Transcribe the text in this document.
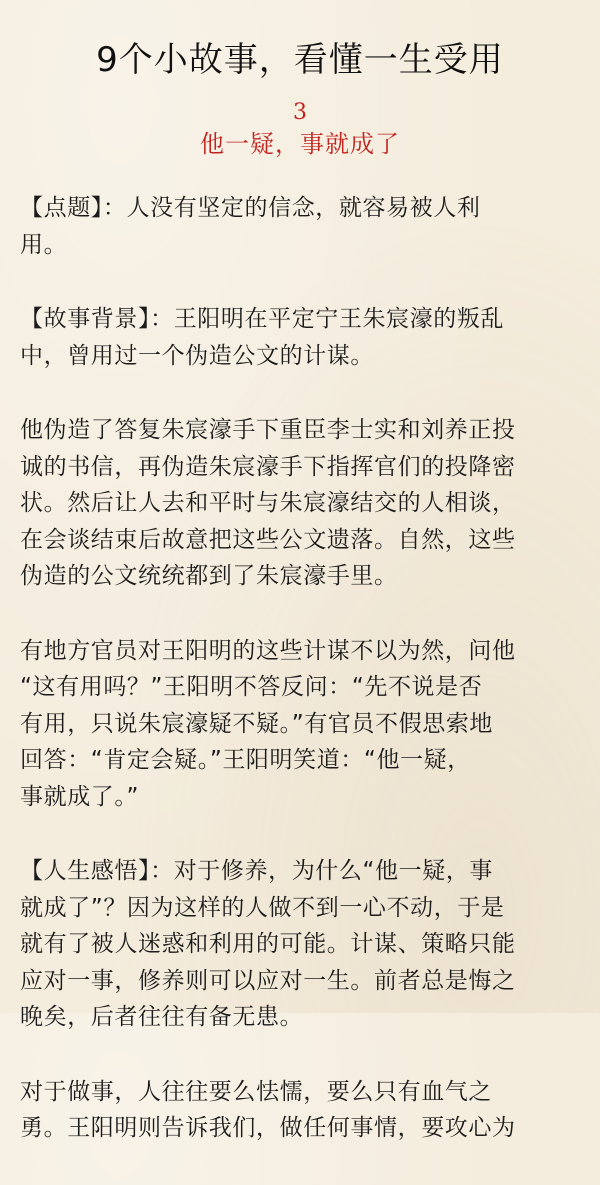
9个小故事，看懂一生受用
3
他一疑，事就成了

【点题】：人没有坚定的信念，就容易被人利
用。

【故事背景】：王阳明在平定宁王朱宸濠的叛乱
中，曾用过一个伪造公文的计谋。

他伪造了答复朱宸濠手下重臣李士实和刘养正投
诚的书信，再伪造朱宸濠手下指挥官们的投降密
状。然后让人去和平时与朱宸濠结交的人相谈，
在会谈结束后故意把这些公文遗落。自然，这些
伪造的公文统统都到了朱宸濠手里。

有地方官员对王阳明的这些计谋不以为然，问他
“这有用吗？”王阳明不答反问：“先不说是否
有用，只说朱宸濠疑不疑。”有官员不假思索地
回答：“肯定会疑。”王阳明笑道：“他一疑，
事就成了。”

【人生感悟】：对于修养，为什么“他一疑，事
就成了”？因为这样的人做不到一心不动，于是
就有了被人迷惑和利用的可能。计谋、策略只能
应对一事，修养则可以应对一生。前者总是悔之
晚矣，后者往往有备无患。

对于做事，人往往要么怯懦，要么只有血气之
勇。王阳明则告诉我们，做任何事情，要攻心为
